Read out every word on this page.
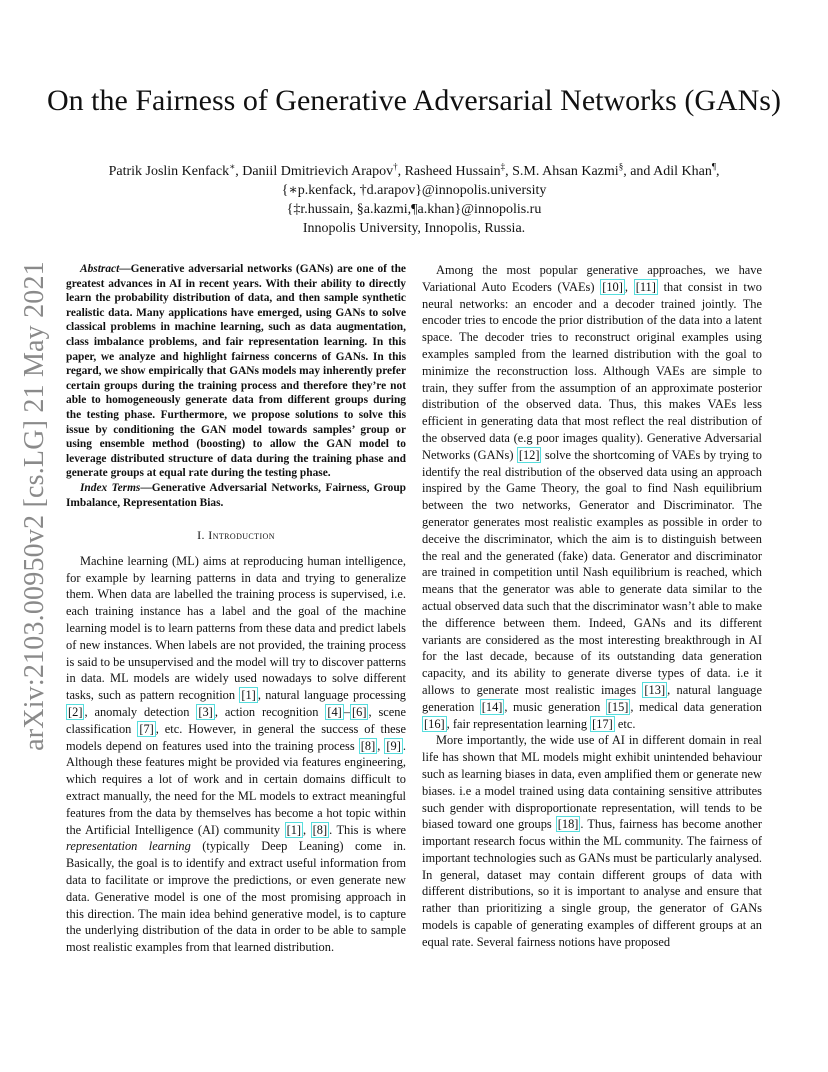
On the Fairness of Generative Adversarial Networks (GANs)
Patrik Joslin Kenfack∗, Daniil Dmitrievich Arapov†, Rasheed Hussain‡, S.M. Ahsan Kazmi§, and Adil Khan¶,
{∗p.kenfack, †d.arapov}@innopolis.university
{‡r.hussain, §a.kazmi,¶a.khan}@innopolis.ru
Innopolis University, Innopolis, Russia.
arXiv:2103.00950v2 [cs.LG] 21 May 2021	Abstract—Generative adversarial networks (GANs) are one of the greatest advances in AI in recent years. With their ability to directly learn the probability distribution of data, and then sample synthetic realistic data. Many applications have emerged, using GANs to solve classical problems in machine learning, such as data augmentation, class imbalance problems, and fair representation learning. In this paper, we analyze and highlight fairness concerns of GANs. In this regard, we show empirically that GANs models may inherently prefer certain groups during the training process and therefore they’re not able to homogeneously generate data from different groups during the testing phase. Furthermore, we propose solutions to solve this issue by conditioning the GAN model towards samples’ group or using ensemble method (boosting) to allow the GAN model to leverage distributed structure of data during the training phase and generate groups at equal rate during the testing phase.

Index Terms—Generative Adversarial Networks, Fairness, Group Imbalance, Representation Bias.

I. Introduction

Machine learning (ML) aims at reproducing human intelligence, for example by learning patterns in data and trying to generalize them. When data are labelled the training process is supervised, i.e. each training instance has a label and the goal of the machine learning model is to learn patterns from these data and predict labels of new instances. When labels are not provided, the training process is said to be unsupervised and the model will try to discover patterns in data. ML models are widely used nowadays to solve different tasks, such as pattern recognition [1] , natural language processing [2] , anomaly detection [3] , action recognition [4] – [6] , scene classification [7] , etc. However, in general the success of these models depend on features used into the training process [8] , [9] . Although these features might be provided via features engineering, which requires a lot of work and in certain domains difficult to extract manually, the need for the ML models to extract meaningful features from the data by themselves has become a hot topic within the Artificial Intelligence (AI) community [1] , [8] . This is where representation learning (typically Deep Leaning) come in. Basically, the goal is to identify and extract useful information from data to facilitate or improve the predictions, or even generate new data. Generative model is one of the most promising approach in this direction. The main idea behind generative model, is to capture the underlying distribution of the data in order to be able to sample most realistic examples from that learned distribution.

Among the most popular generative approaches, we have Variational Auto Ecoders (VAEs) [10] , [11] that consist in two neural networks: an encoder and a decoder trained jointly. The encoder tries to encode the prior distribution of the data into a latent space. The decoder tries to reconstruct original examples using examples sampled from the learned distribution with the goal to minimize the reconstruction loss. Although VAEs are simple to train, they suffer from the assumption of an approximate posterior distribution of the observed data. Thus, this makes VAEs less efficient in generating data that most reflect the real distribution of the observed data (e.g poor images quality). Generative Adversarial Networks (GANs) [12] solve the shortcoming of VAEs by trying to identify the real distribution of the observed data using an approach inspired by the Game Theory, the goal to find Nash equilibrium between the two networks, Generator and Discriminator. The generator generates most realistic examples as possible in order to deceive the discriminator, which the aim is to distinguish between the real and the generated (fake) data. Generator and discriminator are trained in competition until Nash equilibrium is reached, which means that the generator was able to generate data similar to the actual observed data such that the discriminator wasn’t able to make the difference between them. Indeed, GANs and its different variants are considered as the most interesting breakthrough in AI for the last decade, because of its outstanding data generation capacity, and its ability to generate diverse types of data. i.e it allows to generate most realistic images [13] , natural language generation [14] , music generation [15] , medical data generation [16] , fair representation learning [17] etc.

More importantly, the wide use of AI in different domain in real life has shown that ML models might exhibit unintended behaviour such as learning biases in data, even amplified them or generate new biases. i.e a model trained using data containing sensitive attributes such gender with disproportionate representation, will tends to be biased toward one groups [18] . Thus, fairness has become another important research focus within the ML community. The fairness of important technologies such as GANs must be particularly analysed. In general, dataset may contain different groups of data with different distributions, so it is important to analyse and ensure that rather than prioritizing a single group, the generator of GANs models is capable of generating examples of different groups at an equal rate. Several fairness notions have proposed
